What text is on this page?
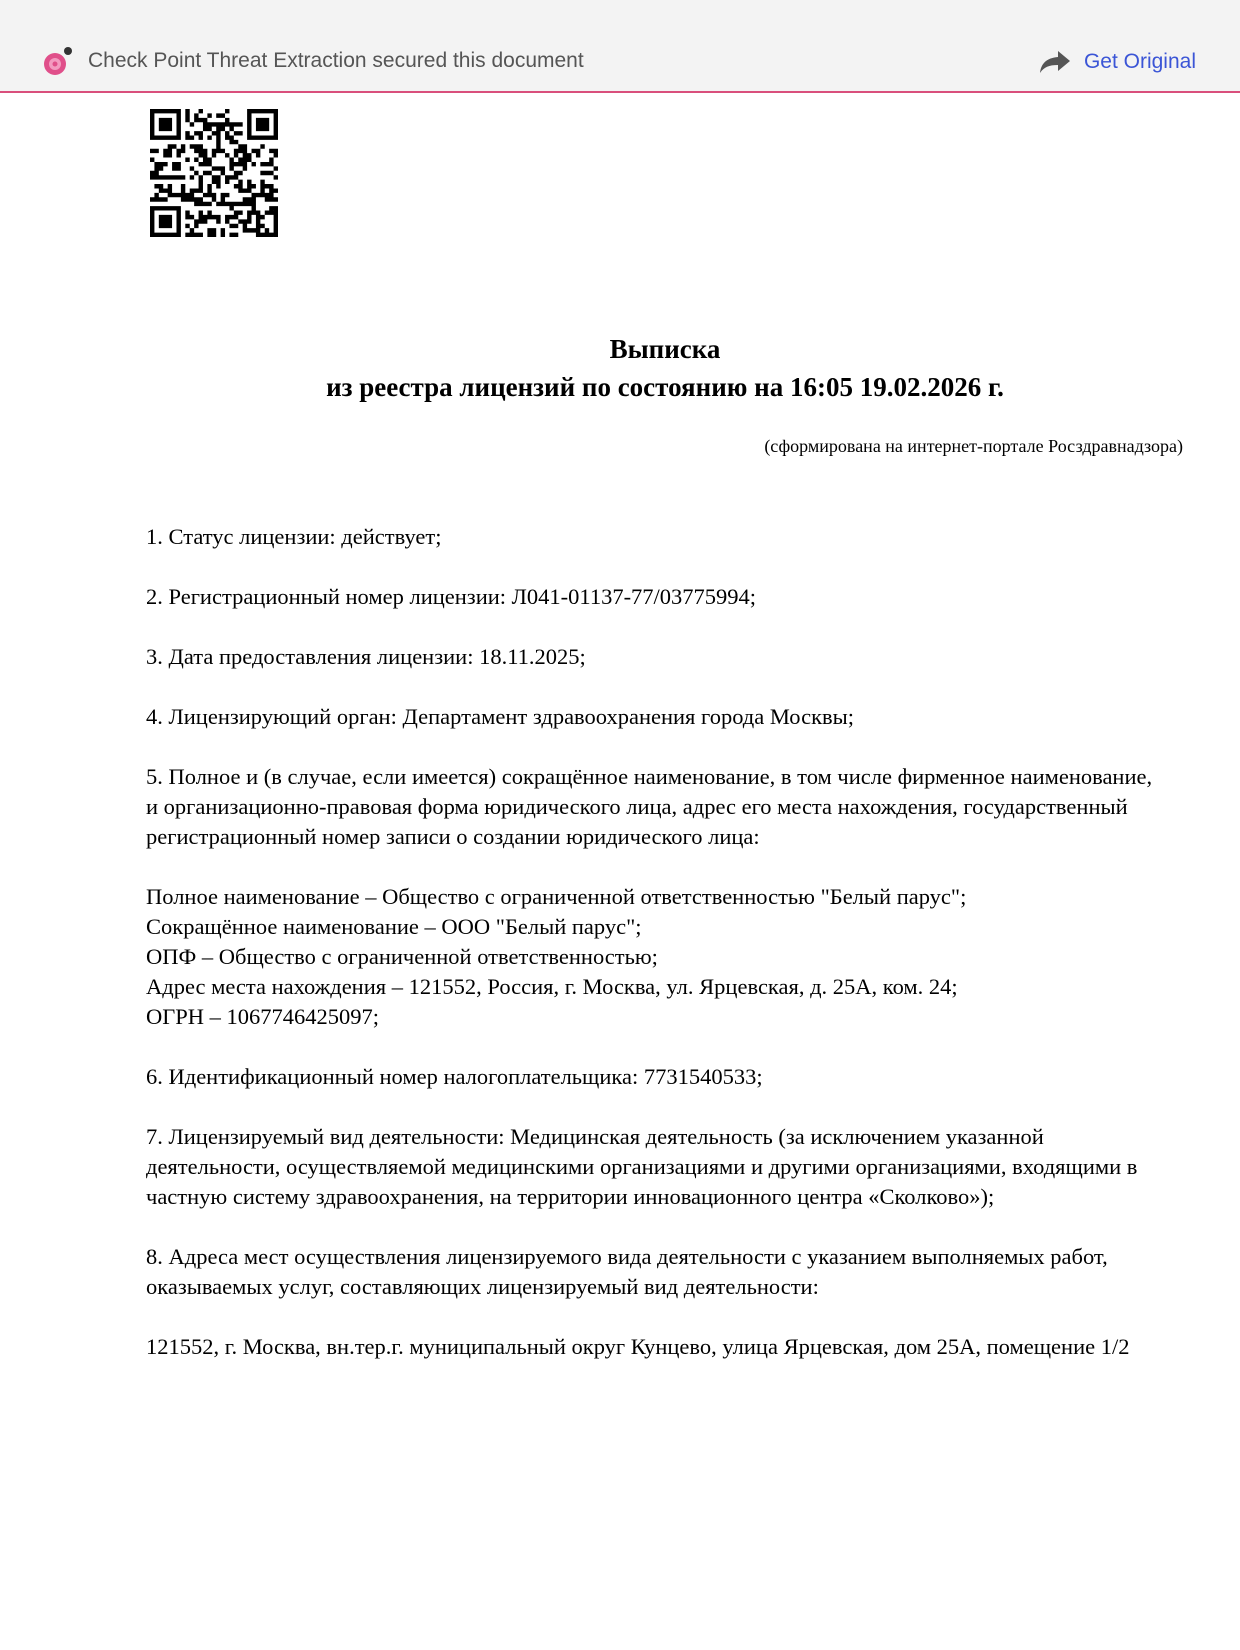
Check Point Threat Extraction secured this document	Get Original
Выписка
из реестра лицензий по состоянию на 16:05 19.02.2026 г.
(сформирована на интернет-портале Росздравнадзора)

1. Статус лицензии: действует;

2. Регистрационный номер лицензии: Л041-01137-77/03775994;

3. Дата предоставления лицензии: 18.11.2025;

4. Лицензирующий орган: Департамент здравоохранения города Москвы;

5. Полное и (в случае, если имеется) сокращённое наименование, в том числе фирменное наименование, и организационно-правовая форма юридического лица, адрес его места нахождения, государственный регистрационный номер записи о создании юридического лица:

Полное наименование – Общество с ограниченной ответственностью "Белый парус";

Сокращённое наименование – ООО "Белый парус";

ОПФ – Общество с ограниченной ответственностью;

Адрес места нахождения – 121552, Россия, г. Москва, ул. Ярцевская, д. 25А, ком. 24;

ОГРН – 1067746425097;

6. Идентификационный номер налогоплательщика: 7731540533;

7. Лицензируемый вид деятельности: Медицинская деятельность (за исключением указанной деятельности, осуществляемой медицинскими организациями и другими организациями, входящими в частную систему здравоохранения, на территории инновационного центра «Сколково»);

8. Адреса мест осуществления лицензируемого вида деятельности с указанием выполняемых работ, оказываемых услуг, составляющих лицензируемый вид деятельности:

121552, г. Москва, вн.тер.г. муниципальный округ Кунцево, улица Ярцевская, дом 25А, помещение 1/2
